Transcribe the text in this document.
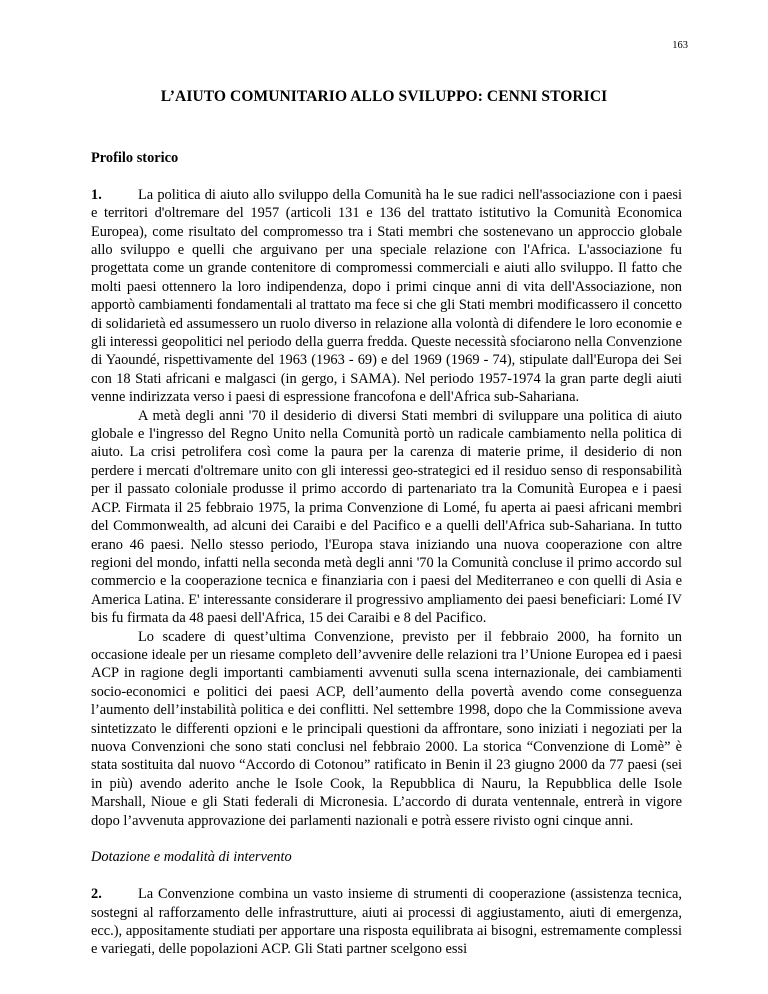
163
L’AIUTO COMUNITARIO ALLO SVILUPPO: CENNI STORICI
Profilo storico

1.	La politica di aiuto allo sviluppo della Comunità ha le sue radici nell'associazione con i paesi e territori d'oltremare del 1957 (articoli 131 e 136 del trattato istitutivo la Comunità Economica Europea), come risultato del compromesso tra i Stati membri che sostenevano un approccio globale allo sviluppo e quelli che arguivano per una speciale relazione con l'Africa. L'associazione fu progettata come un grande contenitore di compromessi commerciali e aiuti allo sviluppo. Il fatto che molti paesi ottennero la loro indipendenza, dopo i primi cinque anni di vita dell'Associazione, non apportò cambiamenti fondamentali al trattato ma fece si che gli Stati membri modificassero il concetto di solidarietà ed assumessero un ruolo diverso in relazione alla volontà di difendere le loro economie e gli interessi geopolitici nel periodo della guerra fredda. Queste necessità sfociarono nella Convenzione di Yaoundé, rispettivamente del 1963 (1963 - 69) e del 1969 (1969 - 74), stipulate dall'Europa dei Sei con 18 Stati africani e malgasci (in gergo, i SAMA). Nel periodo 1957-1974 la gran parte degli aiuti venne indirizzata verso i paesi di espressione francofona e dell'Africa sub-Sahariana.

A metà degli anni '70 il desiderio di diversi Stati membri di sviluppare una politica di aiuto globale e l'ingresso del Regno Unito nella Comunità portò un radicale cambiamento nella politica di aiuto. La crisi petrolifera così come la paura per la carenza di materie prime, il desiderio di non perdere i mercati d'oltremare unito con gli interessi geo-strategici ed il residuo senso di responsabilità per il passato coloniale produsse il primo accordo di partenariato tra la Comunità Europea e i paesi ACP. Firmata il 25 febbraio 1975, la prima Convenzione di Lomé, fu aperta ai paesi africani membri del Commonwealth, ad alcuni dei Caraibi e del Pacifico e a quelli dell'Africa sub-Sahariana. In tutto erano 46 paesi. Nello stesso periodo, l'Europa stava iniziando una nuova cooperazione con altre regioni del mondo, infatti nella seconda metà degli anni '70 la Comunità concluse il primo accordo sul commercio e la cooperazione tecnica e finanziaria con i paesi del Mediterraneo e con quelli di Asia e America Latina. E' interessante considerare il progressivo ampliamento dei paesi beneficiari: Lomé IV bis fu firmata da 48 paesi dell'Africa, 15 dei Caraibi e 8 del Pacifico.

Lo scadere di quest’ultima Convenzione, previsto per il febbraio 2000, ha fornito un occasione ideale per un riesame completo dell’avvenire delle relazioni tra l’Unione Europea ed i paesi ACP in ragione degli importanti cambiamenti avvenuti sulla scena internazionale, dei cambiamenti socio-economici e politici dei paesi ACP, dell’aumento della povertà avendo come conseguenza l’aumento dell’instabilità politica e dei conflitti. Nel settembre 1998, dopo che la Commissione aveva sintetizzato le differenti opzioni e le principali questioni da affrontare, sono iniziati i negoziati per la nuova Convenzioni che sono stati conclusi nel febbraio 2000. La storica “Convenzione di Lomè” è stata sostituita dal nuovo “Accordo di Cotonou” ratificato in Benin il 23 giugno 2000 da 77 paesi (sei in più) avendo aderito anche le Isole Cook, la Repubblica di Nauru, la Repubblica delle Isole Marshall, Nioue e gli Stati federali di Micronesia. L’accordo di durata ventennale, entrerà in vigore dopo l’avvenuta approvazione dei parlamenti nazionali e potrà essere rivisto ogni cinque anni.

Dotazione e modalità di intervento

2.	La Convenzione combina un vasto insieme di strumenti di cooperazione (assistenza tecnica, sostegni al rafforzamento delle infrastrutture, aiuti ai processi di aggiustamento, aiuti di emergenza, ecc.), appositamente studiati per apportare una risposta equilibrata ai bisogni, estremamente complessi e variegati, delle popolazioni ACP. Gli Stati partner scelgono essi
